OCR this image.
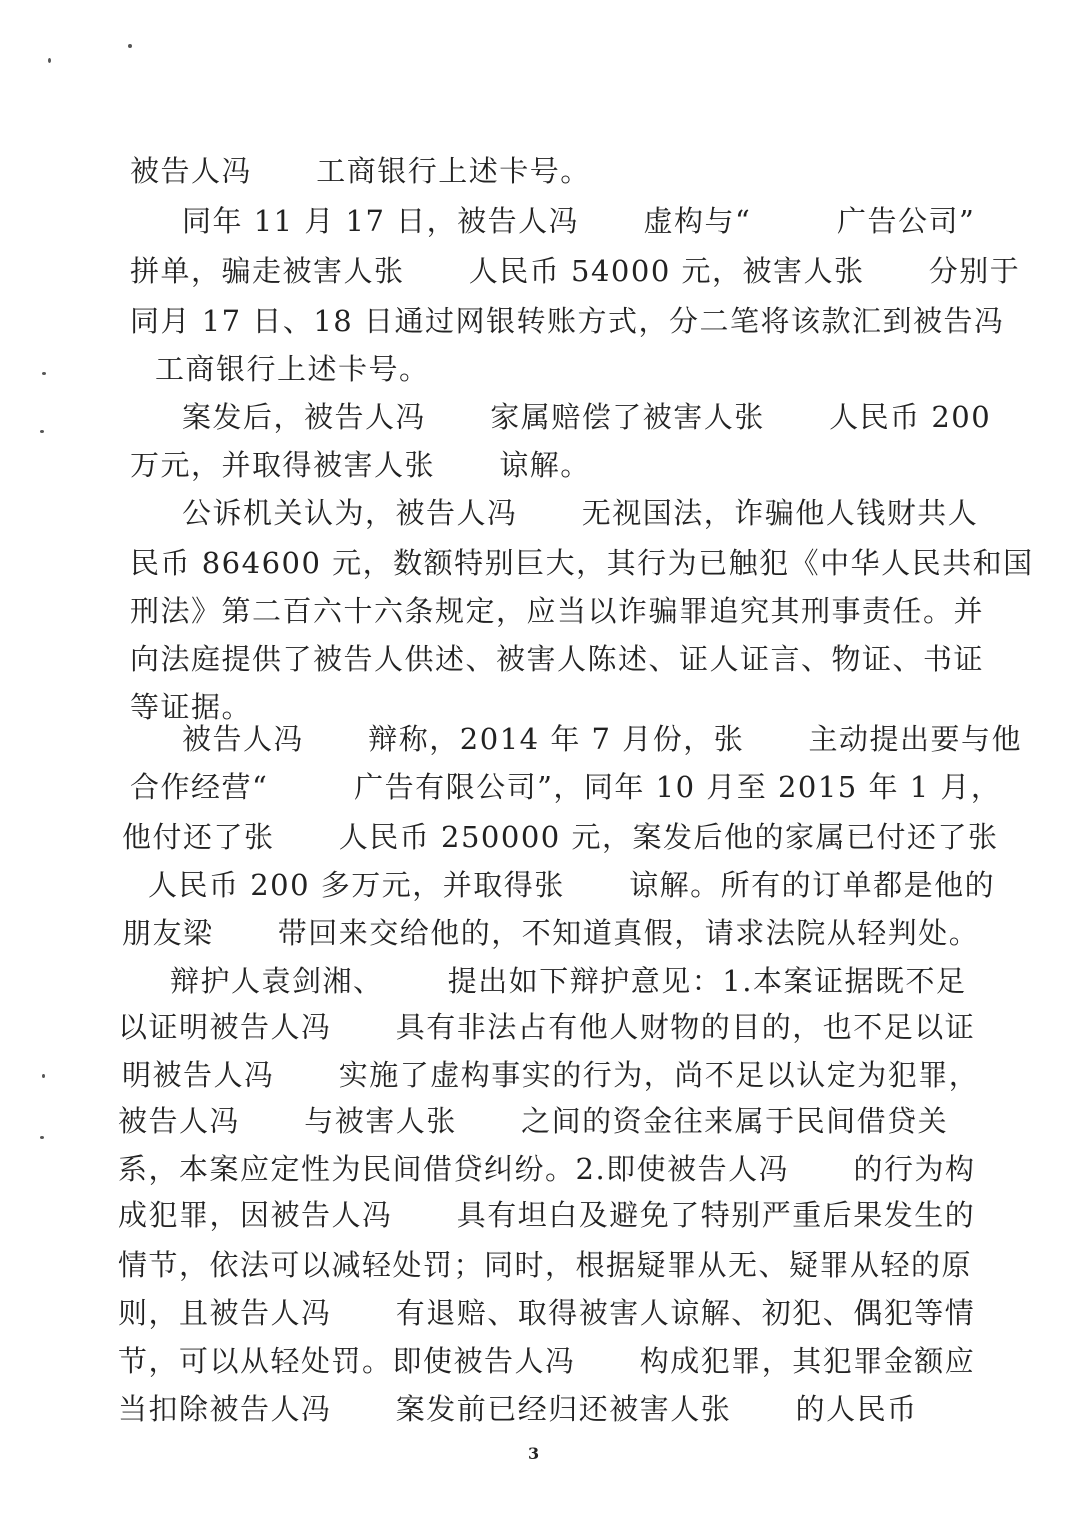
被告人冯      工商银行上述卡号。
同年 11 月 17 日，被告人冯      虚构与“        广告公司”
拼单，骗走被害人张      人民币 54000 元，被害人张      分别于
同月 17 日、18 日通过网银转账方式，分二笔将该款汇到被告冯
工商银行上述卡号。
案发后，被告人冯      家属赔偿了被害人张      人民币 200
万元，并取得被害人张      谅解。
公诉机关认为，被告人冯      无视国法，诈骗他人钱财共人
民币 864600 元，数额特别巨大，其行为已触犯《中华人民共和国
刑法》第二百六十六条规定，应当以诈骗罪追究其刑事责任。并
向法庭提供了被告人供述、被害人陈述、证人证言、物证、书证
等证据。
被告人冯      辩称，2014 年 7 月份，张      主动提出要与他
合作经营“        广告有限公司”，同年 10 月至 2015 年 1 月，
他付还了张      人民币 250000 元，案发后他的家属已付还了张
人民币 200 多万元，并取得张      谅解。所有的订单都是他的
朋友梁      带回来交给他的，不知道真假，请求法院从轻判处。
辩护人袁剑湘、      提出如下辩护意见：1.本案证据既不足
以证明被告人冯      具有非法占有他人财物的目的，也不足以证
明被告人冯      实施了虚构事实的行为，尚不足以认定为犯罪，
被告人冯      与被害人张      之间的资金往来属于民间借贷关
系，本案应定性为民间借贷纠纷。2.即使被告人冯      的行为构
成犯罪，因被告人冯      具有坦白及避免了特别严重后果发生的
情节，依法可以减轻处罚；同时，根据疑罪从无、疑罪从轻的原
则，且被告人冯      有退赔、取得被害人谅解、初犯、偶犯等情
节，可以从轻处罚。即使被告人冯      构成犯罪，其犯罪金额应
当扣除被告人冯      案发前已经归还被害人张      的人民币
3
